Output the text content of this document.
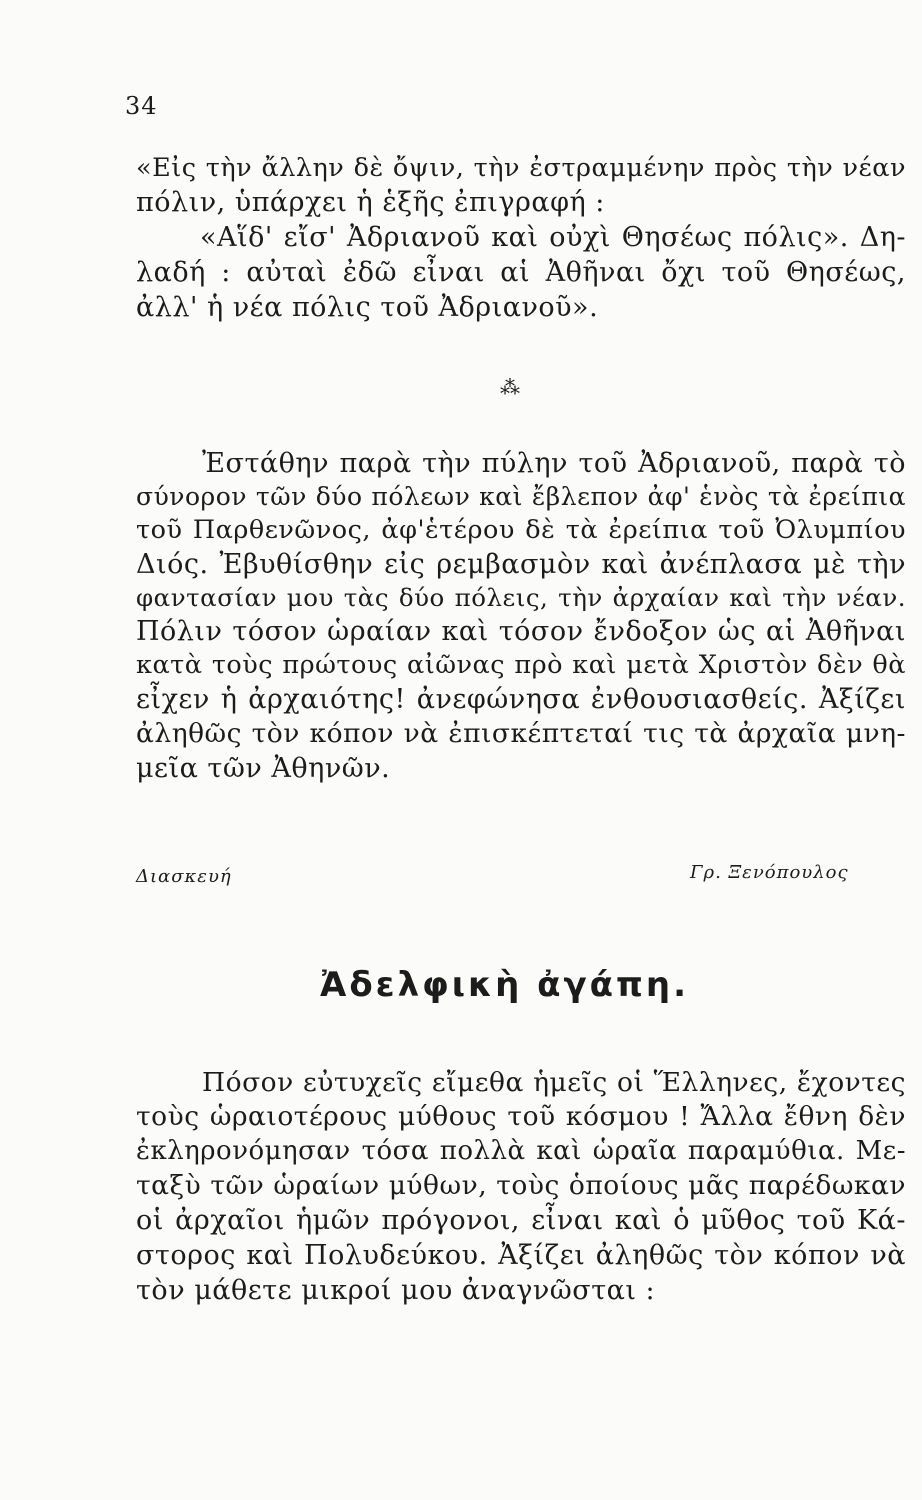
34
«Εἰς τὴν ἄλλην δὲ ὄψιν, τὴν ἐστραμμένην πρὸς τὴν νέαν
πόλιν, ὑπάρχει ἡ ἑξῆς ἐπιγραφή :
«Αἵδ' εἴσ' Ἀδριανοῦ καὶ οὐχὶ Θησέως πόλις». Δη-
λαδή : αὐταὶ ἐδῶ εἶναι αἱ Ἀθῆναι ὄχι τοῦ Θησέως,
ἀλλ' ἡ νέα πόλις τοῦ Ἀδριανοῦ».
⁂
Ἐστάθην παρὰ τὴν πύλην τοῦ Ἀδριανοῦ, παρὰ τὸ
σύνορον τῶν δύο πόλεων καὶ ἔβλεπον ἀφ' ἑνὸς τὰ ἐρείπια
τοῦ Παρθενῶνος, ἀφ'ἑτέρου δὲ τὰ ἐρείπια τοῦ Ὀλυμπίου
Διός. Ἐβυθίσθην εἰς ρεμβασμὸν καὶ ἀνέπλασα μὲ τὴν
φαντασίαν μου τὰς δύο πόλεις, τὴν ἀρχαίαν καὶ τὴν νέαν.
Πόλιν τόσον ὡραίαν καὶ τόσον ἔνδοξον ὡς αἱ Ἀθῆναι
κατὰ τοὺς πρώτους αἰῶνας πρὸ καὶ μετὰ Χριστὸν δὲν θὰ
εἶχεν ἡ ἀρχαιότης! ἀνεφώνησα ἐνθουσιασθείς. Ἀξίζει
ἀληθῶς τὸν κόπον νὰ ἐπισκέπτεταί τις τὰ ἀρχαῖα μνη-
μεῖα τῶν Ἀθηνῶν.
Διασκευή	Γρ. Ξενόπουλος
Ἀδελφικὴ ἀγάπη.
Πόσον εὐτυχεῖς εἴμεθα ἡμεῖς οἱ Ἕλληνες, ἔχοντες
τοὺς ὡραιοτέρους μύθους τοῦ κόσμου ! Ἄλλα ἔθνη δὲν
ἐκληρονόμησαν τόσα πολλὰ καὶ ὡραῖα παραμύθια. Με-
ταξὺ τῶν ὡραίων μύθων, τοὺς ὁποίους μᾶς παρέδωκαν
οἱ ἀρχαῖοι ἡμῶν πρόγονοι, εἶναι καὶ ὁ μῦθος τοῦ Κά-
στορος καὶ Πολυδεύκου. Ἀξίζει ἀληθῶς τὸν κόπον νὰ
τὸν μάθετε μικροί μου ἀναγνῶσται :
